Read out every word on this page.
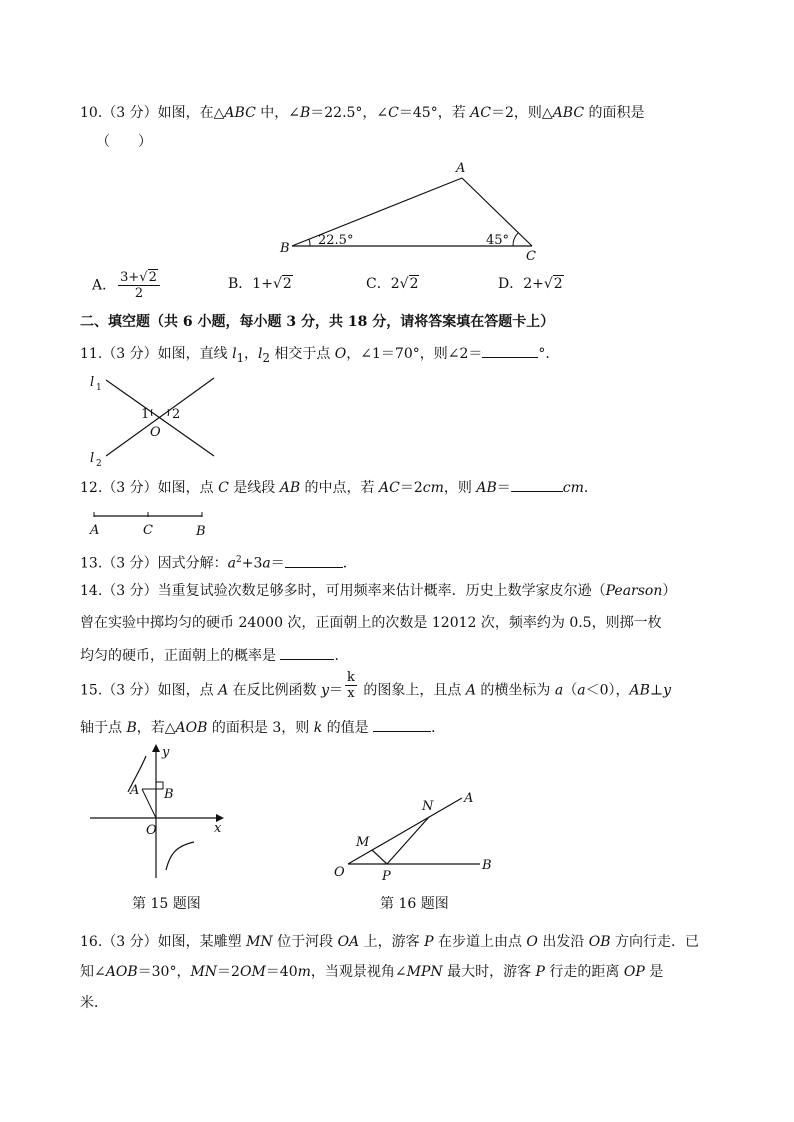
10.（3 分）如图，在△ABC 中，∠B＝22.5°，∠C＝45°，若 AC＝2，则△ABC 的面积是
（　　）
A
B
C
22.5°	45°
A． $\frac{3+√2}{2}$	B．1+√2	C．2√2	D．2+√2
二、填空题（共 6 小题，每小题 3 分，共 18 分，请将答案填在答题卡上）
11.（3 分）如图，直线 $l_1$，$l_2$ 相交于点 O，∠1＝70°，则∠2＝	°．
l 1
l 2
1 2
O
12.（3 分）如图，点 C 是线段 AB 的中点，若 AC＝2cm，则 AB＝	cm．
A	C	B
13.（3 分）因式分解：$a^2+3a=$	．
14.（3 分）当重复试验次数足够多时，可用频率来估计概率．历史上数学家皮尔逊（Pearson）
曾在实验中掷均匀的硬币 24000 次，正面朝上的次数是 12012 次，频率约为 0.5，则掷一枚
均匀的硬币，正面朝上的概率是	．
15.（3 分）如图，点 A 在反比例函数 $y= \frac{k}{x}$ 的图象上，且点 A 的横坐标为 a（a＜0），AB⊥y
轴于点 B，若△AOB 的面积是 3，则 k 的值是	．
y
x
A B
O
第 15 题图
N
A
M
O	P
B
第 16 题图
16.（3 分）如图，某雕塑 MN 位于河段 OA 上，游客 P 在步道上由点 O 出发沿 OB 方向行走．已
知∠AOB＝30°，MN＝2OM＝40m，当观景视角∠MPN 最大时，游客 P 行走的距离 OP 是
米．
